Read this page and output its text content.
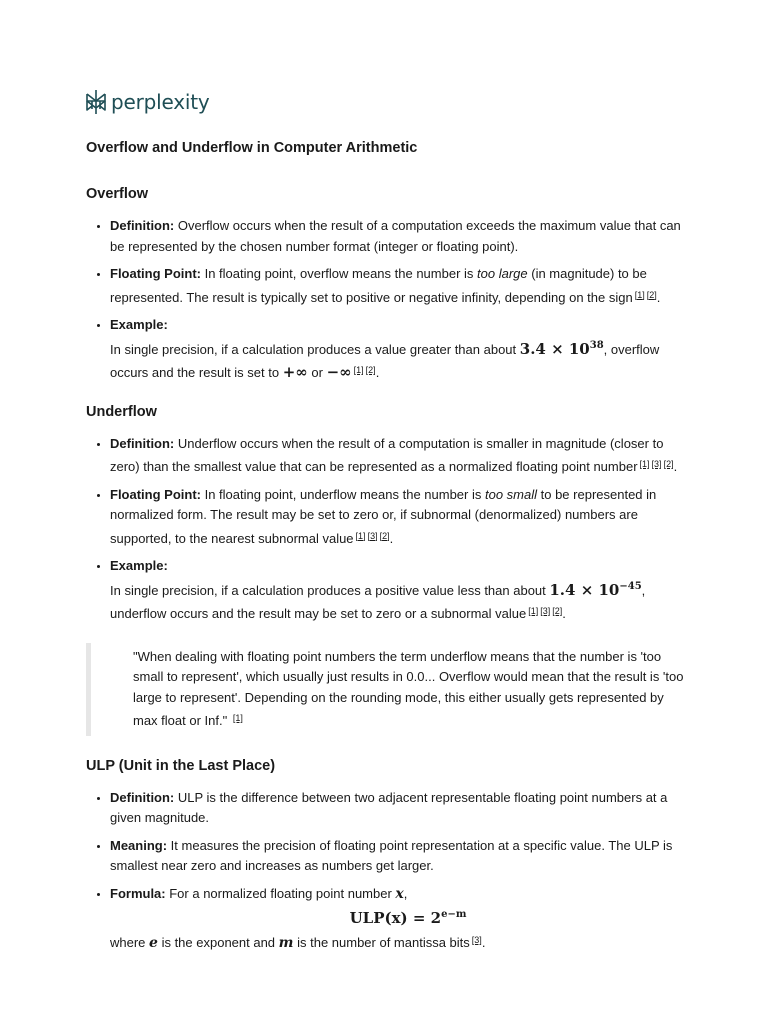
perplexity
Overflow and Underflow in Computer Arithmetic
Overflow
• Definition: Overflow occurs when the result of a computation exceeds the maximum value that can be represented by the chosen number format (integer or floating point).
• Floating Point: In floating point, overflow means the number is too large (in magnitude) to be represented. The result is typically set to positive or negative infinity, depending on the sign [1] [2].
• Example:
In single precision, if a calculation produces a value greater than about $3.4 \times 10^{38}$, overflow occurs and the result is set to +∞ or −∞ [1] [2].
Underflow
• Definition: Underflow occurs when the result of a computation is smaller in magnitude (closer to zero) than the smallest value that can be represented as a normalized floating point number [1] [3] [2].
• Floating Point: In floating point, underflow means the number is too small to be represented in normalized form. The result may be set to zero or, if subnormal (denormalized) numbers are supported, to the nearest subnormal value [1] [3] [2].
• Example:
In single precision, if a calculation produces a positive value less than about $1.4 \times 10^{-45}$, underflow occurs and the result may be set to zero or a subnormal value [1] [3] [2].
"When dealing with floating point numbers the term underflow means that the number is 'too small to represent', which usually just results in 0.0... Overflow would mean that the result is 'too large to represent'. Depending on the rounding mode, this either usually gets represented by max float or Inf." [1]
ULP (Unit in the Last Place)
• Definition: ULP is the difference between two adjacent representable floating point numbers at a given magnitude.
• Meaning: It measures the precision of floating point representation at a specific value. The ULP is smallest near zero and increases as numbers get larger.
• Formula: For a normalized floating point number x,
$ULP(x) = 2^{e-m}$
where e is the exponent and m is the number of mantissa bits [3].
